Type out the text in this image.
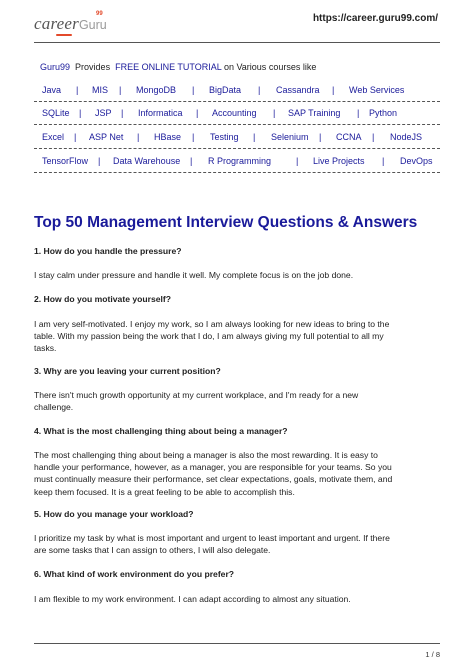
careerGuru
99	https://career.guru99.com/
Guru99 Provides FREE ONLINE TUTORIAL on Various courses like
Java | MIS | MongoDB | BigData | Cassandra | Web Services
SQLite | JSP | Informatica | Accounting | SAP Training | Python
Excel | ASP Net | HBase | Testing | Selenium | CCNA | NodeJS
TensorFlow | Data Warehouse | R Programming	| Live Projects | DevOps
Top 50 Management Interview Questions & Answers
1. How do you handle the pressure?
I stay calm under pressure and handle it well. My complete focus is on the job done.
2. How do you motivate yourself?
I am very self-motivated. I enjoy my work, so I am always looking for new ideas to bring to the
table. With my passion being the work that I do, I am always giving my full potential to all my
tasks.
3. Why are you leaving your current position?
There isn't much growth opportunity at my current workplace, and I'm ready for a new
challenge.
4. What is the most challenging thing about being a manager?
The most challenging thing about being a manager is also the most rewarding. It is easy to
handle your performance, however, as a manager, you are responsible for your teams. So you
must continually measure their performance, set clear expectations, goals, motivate them, and
keep them focused. It is a great feeling to be able to accomplish this.
5. How do you manage your workload?
I prioritize my task by what is most important and urgent to least important and urgent. If there
are some tasks that I can assign to others, I will also delegate.
6. What kind of work environment do you prefer?
I am flexible to my work environment. I can adapt according to almost any situation.
1 / 8
